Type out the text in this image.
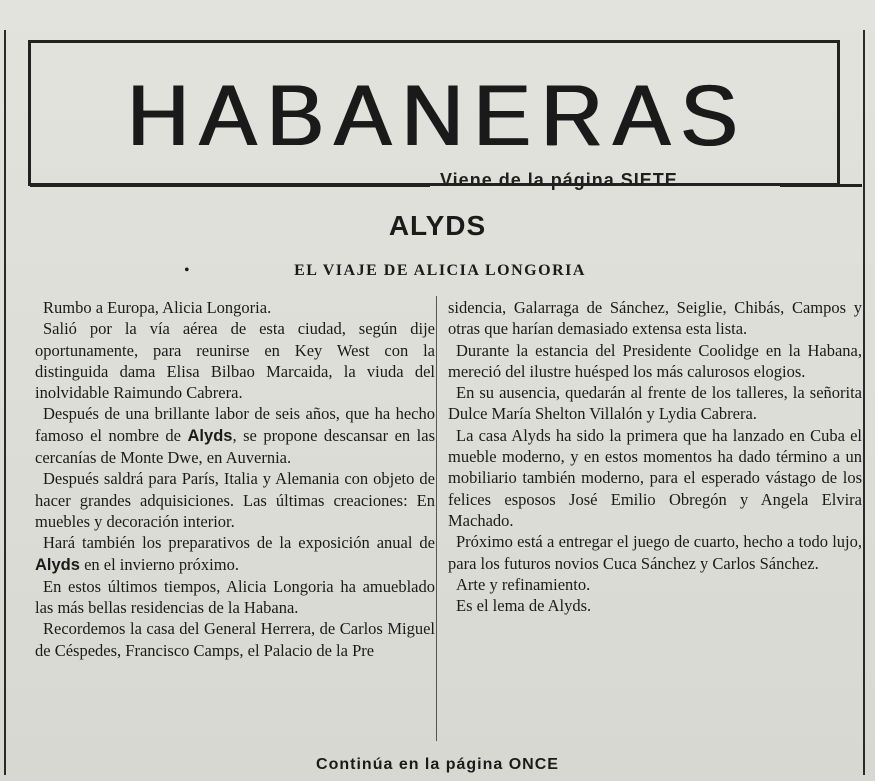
HABANERAS
Viene de la página SIETE
ALYDS
•	EL VIAJE DE ALICIA LONGORIA

Rumbo a Europa, Alicia Longoria.

Salió por la vía aérea de esta ciudad, según dije oportunamente, para reunirse en Key West con la distinguida dama Elisa Bilbao Marcaida, la viuda del inolvidable Raimundo Cabrera.

Después de una brillante labor de seis años, que ha hecho famoso el nombre de Alyds, se propone descansar en las cercanías de Monte Dwe, en Auvernia.

Después saldrá para París, Italia y Alemania con objeto de hacer grandes adquisiciones. Las últimas creaciones: En muebles y decoración interior.

Hará también los preparativos de la exposición anual de Alyds en el invierno próximo.

En estos últimos tiempos, Alicia Longoria ha amueblado las más bellas residencias de la Habana.

Recordemos la casa del General Herrera, de Carlos Miguel de Céspedes, Francisco Camps, el Palacio de la Pre

sidencia, Galarraga de Sánchez, Seiglie, Chibás, Campos y otras que harían demasiado extensa esta lista.

Durante la estancia del Presidente Coolidge en la Habana, mereció del ilustre huésped los más calurosos elogios.

En su ausencia, quedarán al frente de los talleres, la señorita Dulce María Shelton Villalón y Lydia Cabrera.

La casa Alyds ha sido la primera que ha lanzado en Cuba el mueble moderno, y en estos momentos ha dado término a un mobiliario también moderno, para el esperado vástago de los felices esposos José Emilio Obregón y Angela Elvira Machado.

Próximo está a entregar el juego de cuarto, hecho a todo lujo, para los futuros novios Cuca Sánchez y Carlos Sánchez.

Arte y refinamiento.

Es el lema de Alyds.

Continúa en la página ONCE
